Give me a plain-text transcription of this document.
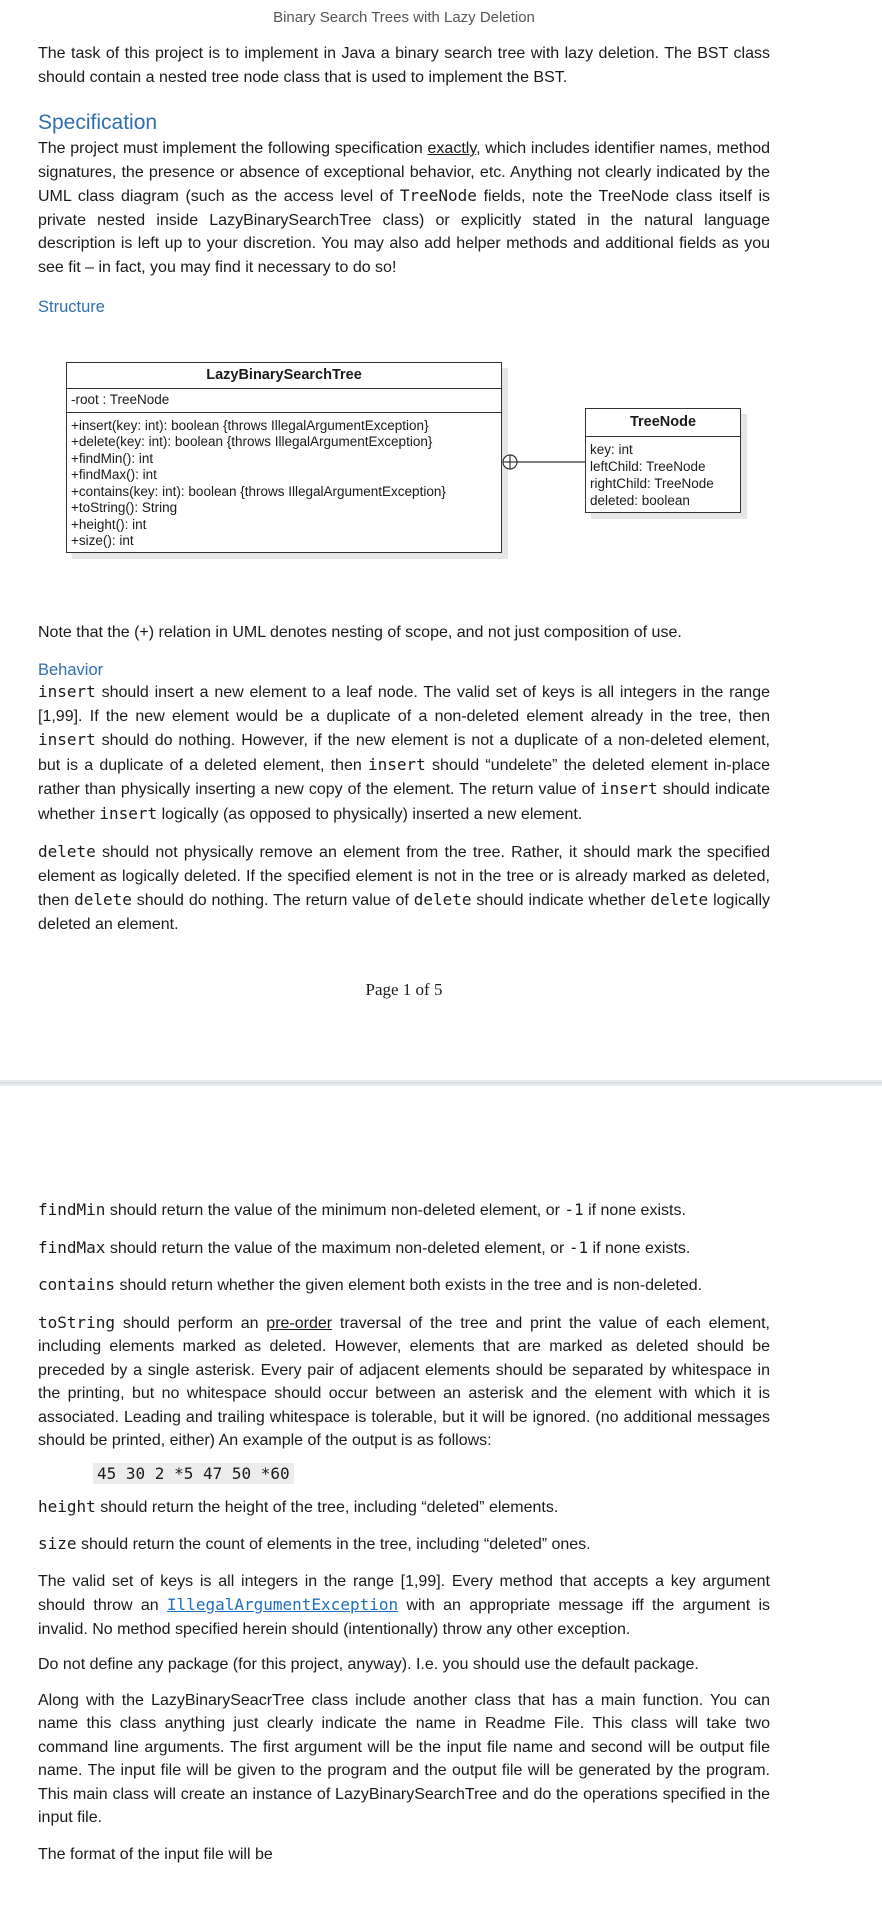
Binary Search Trees with Lazy Deletion

The task of this project is to implement in Java a binary search tree with lazy deletion. The BST class should contain a nested tree node class that is used to implement the BST.

Specification

The project must implement the following specification exactly, which includes identifier names, method signatures, the presence or absence of exceptional behavior, etc. Anything not clearly indicated by the UML class diagram (such as the access level of TreeNode fields, note the TreeNode class itself is private nested inside LazyBinarySearchTree class) or explicitly stated in the natural language description is left up to your discretion. You may also add helper methods and additional fields as you see fit – in fact, you may find it necessary to do so!

Structure
LazyBinarySearchTree
-root : TreeNode
+insert(key: int): boolean {throws IllegalArgumentException}
+delete(key: int): boolean {throws IllegalArgumentException}
+findMin(): int
+findMax(): int
+contains(key: int): boolean {throws IllegalArgumentException}
+toString(): String
+height(): int
+size(): int
TreeNode
key: int
leftChild: TreeNode
rightChild: TreeNode
deleted: boolean

Note that the (+) relation in UML denotes nesting of scope, and not just composition of use.

Behavior

insert should insert a new element to a leaf node. The valid set of keys is all integers in the range [1,99]. If the new element would be a duplicate of a non-deleted element already in the tree, then insert should do nothing. However, if the new element is not a duplicate of a non-deleted element, but is a duplicate of a deleted element, then insert should “undelete” the deleted element in-place rather than physically inserting a new copy of the element. The return value of insert should indicate whether insert logically (as opposed to physically) inserted a new element.

delete should not physically remove an element from the tree. Rather, it should mark the specified element as logically deleted. If the specified element is not in the tree or is already marked as deleted, then delete should do nothing. The return value of delete should indicate whether delete logically deleted an element.

Page 1 of 5

findMin should return the value of the minimum non-deleted element, or -1 if none exists.

findMax should return the value of the maximum non-deleted element, or -1 if none exists.

contains should return whether the given element both exists in the tree and is non-deleted.

toString should perform an pre-order traversal of the tree and print the value of each element, including elements marked as deleted. However, elements that are marked as deleted should be preceded by a single asterisk. Every pair of adjacent elements should be separated by whitespace in the printing, but no whitespace should occur between an asterisk and the element with which it is associated. Leading and trailing whitespace is tolerable, but it will be ignored. (no additional messages should be printed, either) An example of the output is as follows:

45 30 2 *5 47 50 *60

height should return the height of the tree, including “deleted” elements.

size should return the count of elements in the tree, including “deleted” ones.

The valid set of keys is all integers in the range [1,99]. Every method that accepts a key argument should throw an IllegalArgumentException with an appropriate message iff the argument is invalid. No method specified herein should (intentionally) throw any other exception.

Do not define any package (for this project, anyway). I.e. you should use the default package.

Along with the LazyBinarySeacrTree class include another class that has a main function. You can name this class anything just clearly indicate the name in Readme File. This class will take two command line arguments. The first argument will be the input file name and second will be output file name. The input file will be given to the program and the output file will be generated by the program. This main class will create an instance of LazyBinarySearchTree and do the operations specified in the input file.

The format of the input file will be
